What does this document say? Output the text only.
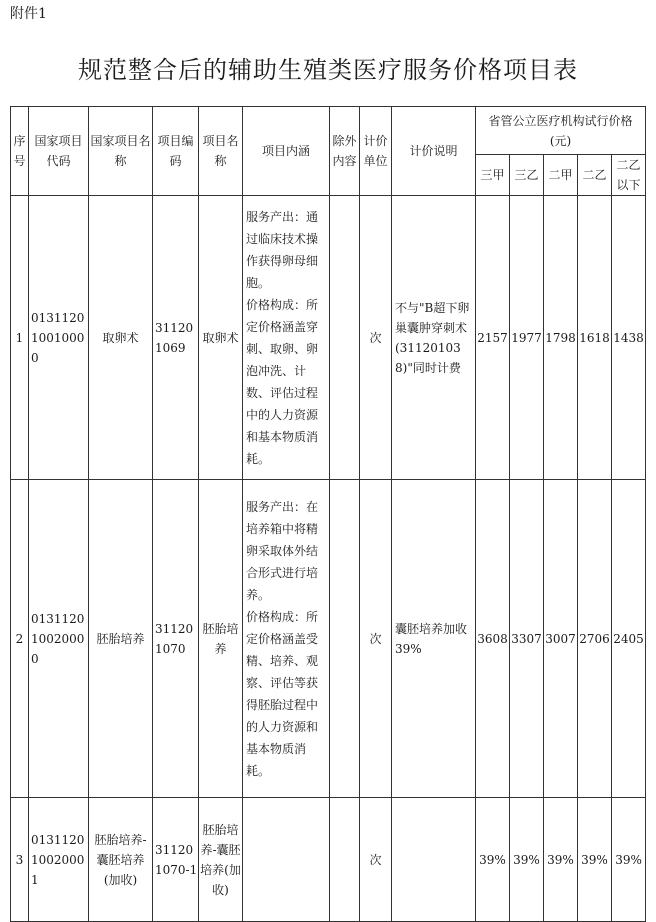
附件1
规范整合后的辅助生殖类医疗服务价格项目表
序号	国家项目代码	国家项目名称	项目编码	项目名称	项目内涵	除外内容	计价单位	计价说明	省管公立医疗机构试行价格(元)				
									三甲	三乙	二甲	二乙	二乙以下
1	013112010010000	取卵术	311201069	取卵术	服务产出：通过临床技术操作获得卵母细胞。
价格构成：所定价格涵盖穿刺、取卵、卵泡冲洗、计数、评估过程中的人力资源和基本物质消耗。		次	不与"B超下卵巢囊肿穿刺术(311201038)"同时计费	2157	1977	1798	1618	1438
2	013112010020000	胚胎培养	311201070	胚胎培养	服务产出：在培养箱中将精卵采取体外结合形式进行培养。
价格构成：所定价格涵盖受精、培养、观察、评估等获得胚胎过程中的人力资源和基本物质消耗。		次	囊胚培养加收39%	3608	3307	3007	2706	2405
3	013112010020001	胚胎培养-囊胚培养(加收)	311201070-1	胚胎培养-囊胚培养(加收)			次		39%	39%	39%	39%	39%
